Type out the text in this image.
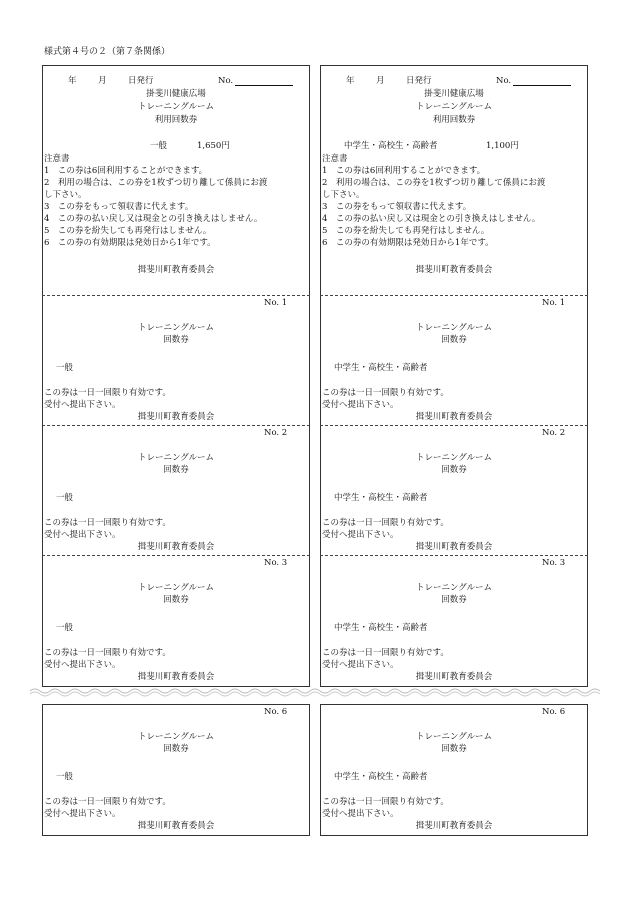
様式第４号の２（第７条関係）
年	月	日発行	No.
掛斐川健康広場
トレーニングルーム
利用回数券
一般	1,650円
注意書
1　この券は6回利用することができます。
2　利用の場合は、この券を1枚ずつ切り離して係員にお渡
し下さい。
3　この券をもって領収書に代えます。
4　この券の払い戻し又は現金との引き換えはしません。
5　この券を紛失しても再発行はしません。
6　この券の有効期限は発効日から1年です。
揖斐川町教育委員会
No. 1
トレーニングルーム
回数券
一般
この券は一日一回限り有効です。
受付へ提出下さい。
揖斐川町教育委員会
No. 2
トレーニングルーム
回数券
一般
この券は一日一回限り有効です。
受付へ提出下さい。
揖斐川町教育委員会
No. 3
トレーニングルーム
回数券
一般
この券は一日一回限り有効です。
受付へ提出下さい。
揖斐川町教育委員会
No. 6
トレーニングルーム
回数券
一般
この券は一日一回限り有効です。
受付へ提出下さい。
揖斐川町教育委員会
年	月	日発行	No.
掛斐川健康広場
トレーニングルーム
利用回数券
中学生・高校生・高齢者	1,100円
注意書
1　この券は6回利用することができます。
2　利用の場合は、この券を1枚ずつ切り離して係員にお渡
し下さい。
3　この券をもって領収書に代えます。
4　この券の払い戻し又は現金との引き換えはしません。
5　この券を紛失しても再発行はしません。
6　この券の有効期限は発効日から1年です。
揖斐川町教育委員会
No. 1
トレーニングルーム
回数券
中学生・高校生・高齢者
この券は一日一回限り有効です。
受付へ提出下さい。
揖斐川町教育委員会
No. 2
トレーニングルーム
回数券
中学生・高校生・高齢者
この券は一日一回限り有効です。
受付へ提出下さい。
揖斐川町教育委員会
No. 3
トレーニングルーム
回数券
中学生・高校生・高齢者
この券は一日一回限り有効です。
受付へ提出下さい。
揖斐川町教育委員会
No. 6
トレーニングルーム
回数券
中学生・高校生・高齢者
この券は一日一回限り有効です。
受付へ提出下さい。
揖斐川町教育委員会
